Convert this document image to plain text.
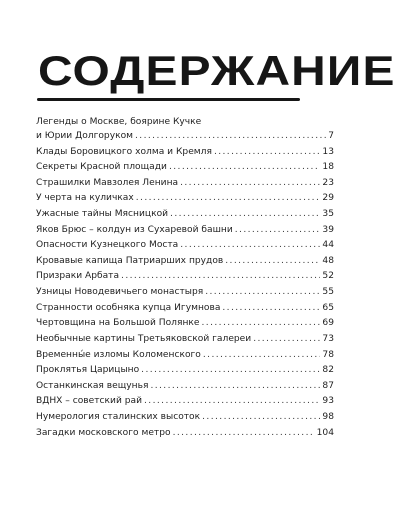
СОДЕРЖАНИЕ
Легенды о Москве, боярине Кучке
и Юрии Долгоруком .....	7
Клады Боровицкого холма и Кремля .....	13
Секреты Красной площади .....	18
Страшилки Мавзолея Ленина .....	23
У черта на куличках .....	29
Ужасные тайны Мясницкой .....	35
Яков Брюс – колдун из Сухаревой башни .....	39
Опасности Кузнецкого Моста .....	44
Кровавые капища Патриарших прудов .....	48
Призраки Арбата .....	52
Узницы Новодевичьего монастыря .....	55
Странности особняка купца Игумнова .....	65
Чертовщина на Большой Полянке .....	69
Необычные картины Третьяковской галереи .....	73
Временны́е изломы Коломенского .....	78
Проклятья Царицыно .....	82
Останкинская вещунья .....	87
ВДНХ – советский рай .....	93
Нумерология сталинских высоток .....	98
Загадки московского метро .....	104
